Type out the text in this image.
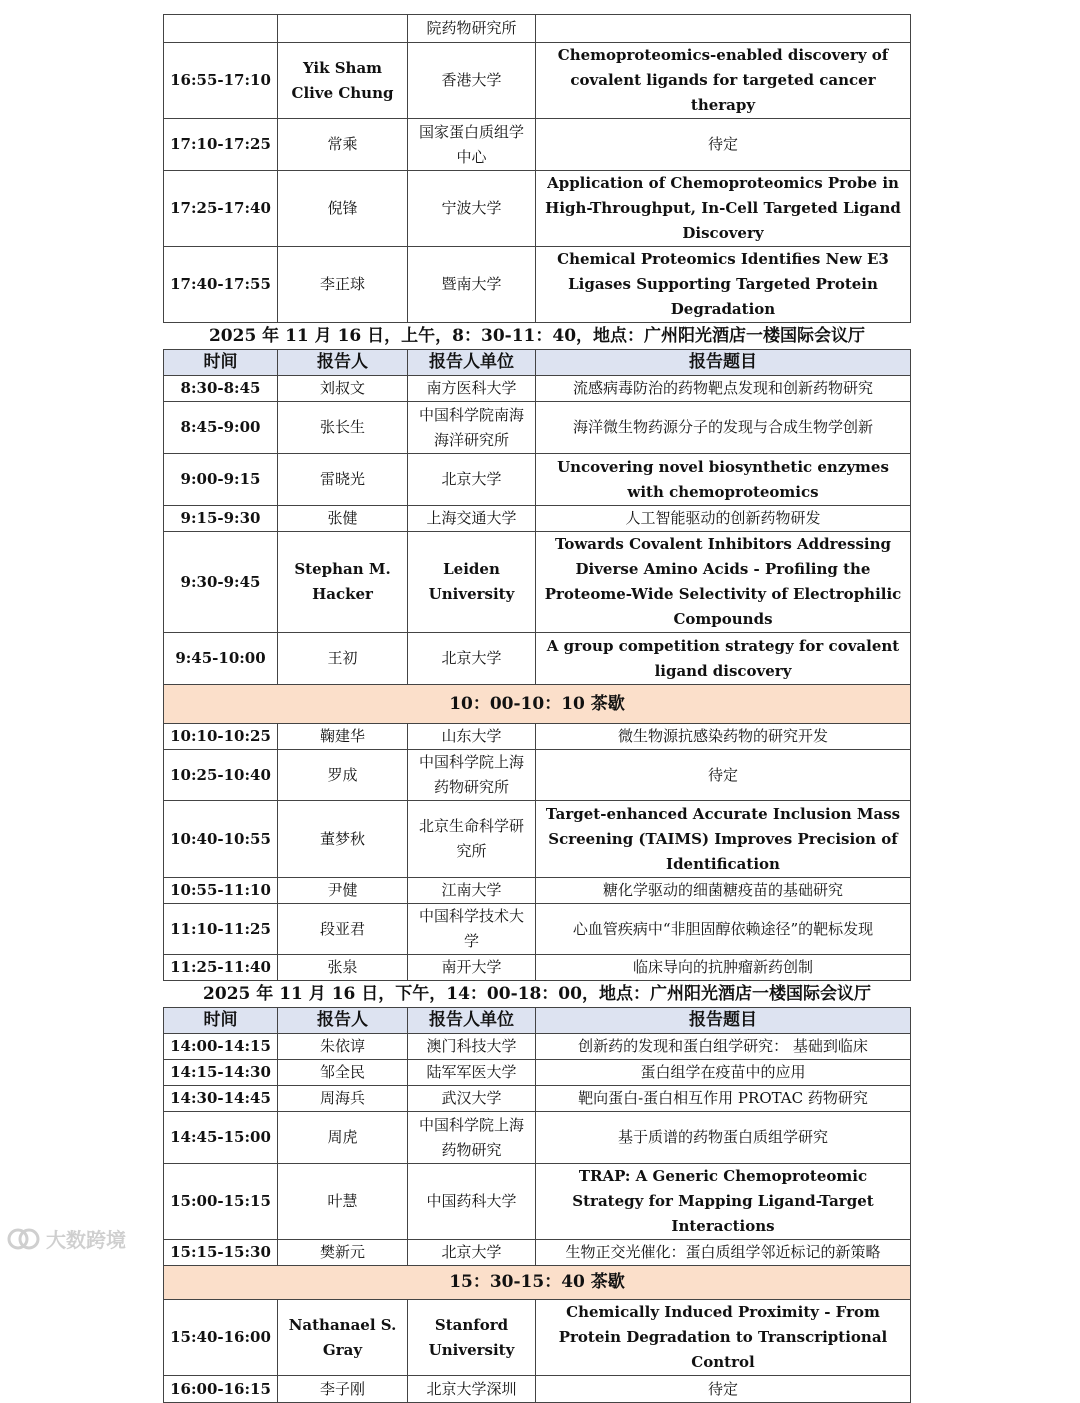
		院药物研究所	
16:55-17:10	Yik Sham Clive Chung	香港大学	Chemoproteomics-enabled discovery of covalent ligands for targeted cancer therapy
17:10-17:25	常乘	国家蛋白质组学中心	待定
17:25-17:40	倪锋	宁波大学	Application of Chemoproteomics Probe in High-Throughput, In-Cell Targeted Ligand Discovery
17:40-17:55	李正球	暨南大学	Chemical Proteomics Identifies New E3 Ligases Supporting Targeted Protein Degradation
2025 年 11 月 16 日，上午，8：30-11：40，地点：广州阳光酒店一楼国际会议厅			
时间	报告人	报告人单位	报告题目
8:30-8:45	刘叔文	南方医科大学	流感病毒防治的药物靶点发现和创新药物研究
8:45-9:00	张长生	中国科学院南海海洋研究所	海洋微生物药源分子的发现与合成生物学创新
9:00-9:15	雷晓光	北京大学	Uncovering novel biosynthetic enzymes with chemoproteomics
9:15-9:30	张健	上海交通大学	人工智能驱动的创新药物研发
9:30-9:45	Stephan M. Hacker	Leiden University	Towards Covalent Inhibitors Addressing Diverse Amino Acids - Profiling the Proteome-Wide Selectivity of Electrophilic Compounds
9:45-10:00	王初	北京大学	A group competition strategy for covalent ligand discovery
10：00-10：10 茶歇			
10:10-10:25	鞠建华	山东大学	微生物源抗感染药物的研究开发
10:25-10:40	罗成	中国科学院上海药物研究所	待定
10:40-10:55	董梦秋	北京生命科学研究所	Target-enhanced Accurate Inclusion Mass Screening (TAIMS) Improves Precision of Identification
10:55-11:10	尹健	江南大学	糖化学驱动的细菌糖疫苗的基础研究
11:10-11:25	段亚君	中国科学技术大学	心血管疾病中“非胆固醇依赖途径”的靶标发现
11:25-11:40	张泉	南开大学	临床导向的抗肿瘤新药创制
2025 年 11 月 16 日，下午，14：00-18：00，地点：广州阳光酒店一楼国际会议厅			
时间	报告人	报告人单位	报告题目
14:00-14:15	朱依谆	澳门科技大学	创新药的发现和蛋白组学研究： 基础到临床
14:15-14:30	邹全民	陆军军医大学	蛋白组学在疫苗中的应用
14:30-14:45	周海兵	武汉大学	靶向蛋白-蛋白相互作用 PROTAC 药物研究
14:45-15:00	周虎	中国科学院上海药物研究	基于质谱的药物蛋白质组学研究
15:00-15:15	叶慧	中国药科大学	TRAP: A Generic Chemoproteomic Strategy for Mapping Ligand-Target Interactions
15:15-15:30	樊新元	北京大学	生物正交光催化：蛋白质组学邻近标记的新策略
15：30-15：40 茶歇			
15:40-16:00	Nathanael S. Gray	Stanford University	Chemically Induced Proximity - From Protein Degradation to Transcriptional Control
16:00-16:15	李子刚	北京大学深圳	待定
大数跨境
